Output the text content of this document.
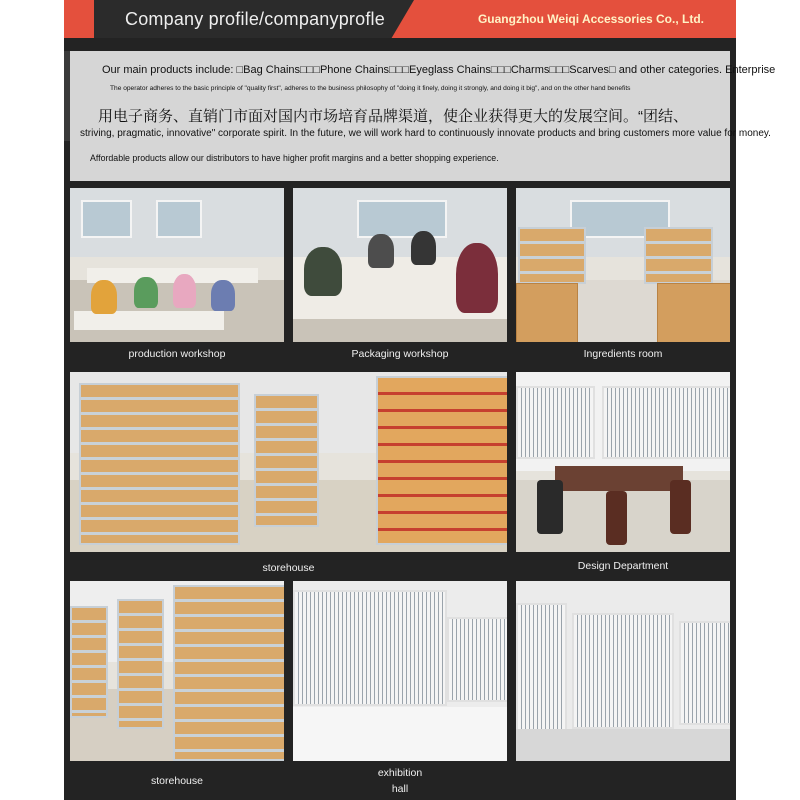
Company profile/companyprofle	Guangzhou Weiqi Accessories Co., Ltd.
Our main products include: □Bag Chains□□□Phone Chains□□□Eyeglass Chains□□□Charms□□□Scarves□ and other categories. Enterprise
The operator adheres to the basic principle of "quality first", adheres to the business philosophy of "doing it finely, doing it strongly, and doing it big", and on the other hand benefits
用电子商务、直销门市面对国内市场培育品牌渠道，使企业获得更大的发展空间。“团结、
striving, pragmatic, innovative" corporate spirit. In the future, we will work hard to continuously innovate products and bring customers more value for money.
Affordable products allow our distributors to have higher profit margins and a better shopping experience.
production workshop	Packaging workshop	Ingredients room
storehouse	Design Department
storehouse
exhibition
hall
